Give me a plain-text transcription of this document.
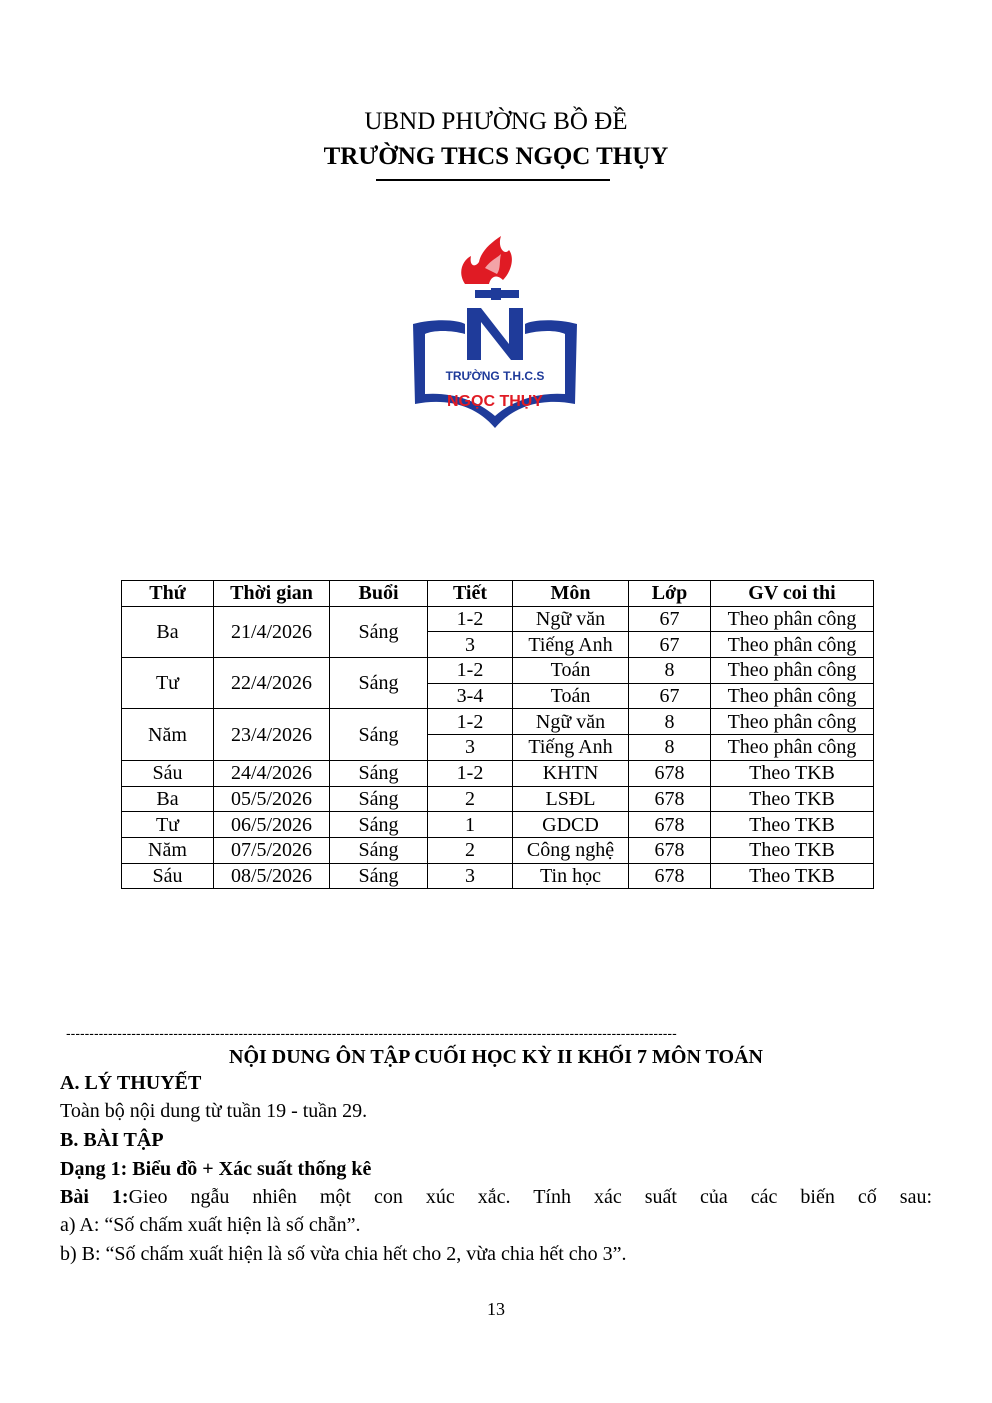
UBND PHƯỜNG BỒ ĐỀ
TRƯỜNG THCS NGỌC THỤY
TRƯỜNG T.H.C.S
NGỌC THỤY
Thứ	Thời gian	Buổi	Tiết	Môn	Lớp	GV coi thi
Ba	21/4/2026	Sáng	1-2	Ngữ văn	67	Theo phân công
			3	Tiếng Anh	67	Theo phân công
Tư	22/4/2026	Sáng	1-2	Toán	8	Theo phân công
			3-4	Toán	67	Theo phân công
Năm	23/4/2026	Sáng	1-2	Ngữ văn	8	Theo phân công
			3	Tiếng Anh	8	Theo phân công
Sáu	24/4/2026	Sáng	1-2	KHTN	678	Theo TKB
Ba	05/5/2026	Sáng	2	LSĐL	678	Theo TKB
Tư	06/5/2026	Sáng	1	GDCD	678	Theo TKB
Năm	07/5/2026	Sáng	2	Công nghệ	678	Theo TKB
Sáu	08/5/2026	Sáng	3	Tin học	678	Theo TKB
-----------------------------------------------------------------------------------------------------------------------------------
NỘI DUNG ÔN TẬP CUỐI HỌC KỲ II KHỐI 7 MÔN TOÁN
A. LÝ THUYẾT
Toàn bộ nội dung từ tuần 19 - tuần 29.
B. BÀI TẬP
Dạng 1: Biểu đồ + Xác suất thống kê
Bài 1:Gieo ngẫu nhiên một con xúc xắc. Tính xác suất của các biến cố sau:
a) A: “Số chấm xuất hiện là số chẵn”.
b) B: “Số chấm xuất hiện là số vừa chia hết cho 2, vừa chia hết cho 3”.
13
